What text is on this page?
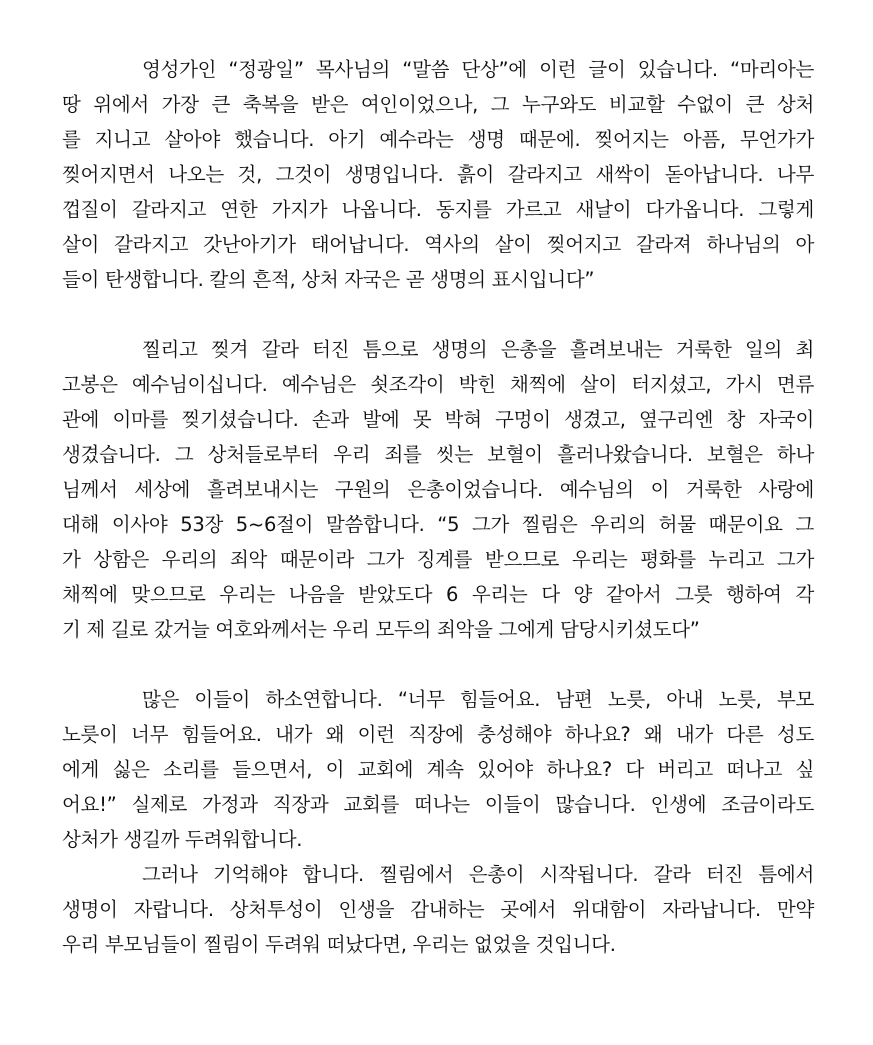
영성가인 “정광일” 목사님의 “말씀 단상”에 이런 글이 있습니다. “마리아는
땅 위에서 가장 큰 축복을 받은 여인이었으나, 그 누구와도 비교할 수없이 큰 상처
를 지니고 살아야 했습니다. 아기 예수라는 생명 때문에. 찢어지는 아픔, 무언가가
찢어지면서 나오는 것, 그것이 생명입니다. 흙이 갈라지고 새싹이 돋아납니다. 나무
껍질이 갈라지고 연한 가지가 나옵니다. 동지를 가르고 새날이 다가옵니다. 그렇게
살이 갈라지고 갓난아기가 태어납니다. 역사의 살이 찢어지고 갈라져 하나님의 아
들이 탄생합니다. 칼의 흔적, 상처 자국은 곧 생명의 표시입니다”
찔리고 찢겨 갈라 터진 틈으로 생명의 은총을 흘려보내는 거룩한 일의 최
고봉은 예수님이십니다. 예수님은 쇳조각이 박힌 채찍에 살이 터지셨고, 가시 면류
관에 이마를 찢기셨습니다. 손과 발에 못 박혀 구멍이 생겼고, 옆구리엔 창 자국이
생겼습니다. 그 상처들로부터 우리 죄를 씻는 보혈이 흘러나왔습니다. 보혈은 하나
님께서 세상에 흘려보내시는 구원의 은총이었습니다. 예수님의 이 거룩한 사랑에
대해 이사야 53장 5~6절이 말씀합니다. “5 그가 찔림은 우리의 허물 때문이요 그
가 상함은 우리의 죄악 때문이라 그가 징계를 받으므로 우리는 평화를 누리고 그가
채찍에 맞으므로 우리는 나음을 받았도다 6 우리는 다 양 같아서 그릇 행하여 각
기 제 길로 갔거늘 여호와께서는 우리 모두의 죄악을 그에게 담당시키셨도다”
많은 이들이 하소연합니다. “너무 힘들어요. 남편 노릇, 아내 노릇, 부모
노릇이 너무 힘들어요. 내가 왜 이런 직장에 충성해야 하나요? 왜 내가 다른 성도
에게 싫은 소리를 들으면서, 이 교회에 계속 있어야 하나요? 다 버리고 떠나고 싶
어요!” 실제로 가정과 직장과 교회를 떠나는 이들이 많습니다. 인생에 조금이라도
상처가 생길까 두려워합니다.
그러나 기억해야 합니다. 찔림에서 은총이 시작됩니다. 갈라 터진 틈에서
생명이 자랍니다. 상처투성이 인생을 감내하는 곳에서 위대함이 자라납니다. 만약
우리 부모님들이 찔림이 두려워 떠났다면, 우리는 없었을 것입니다.
